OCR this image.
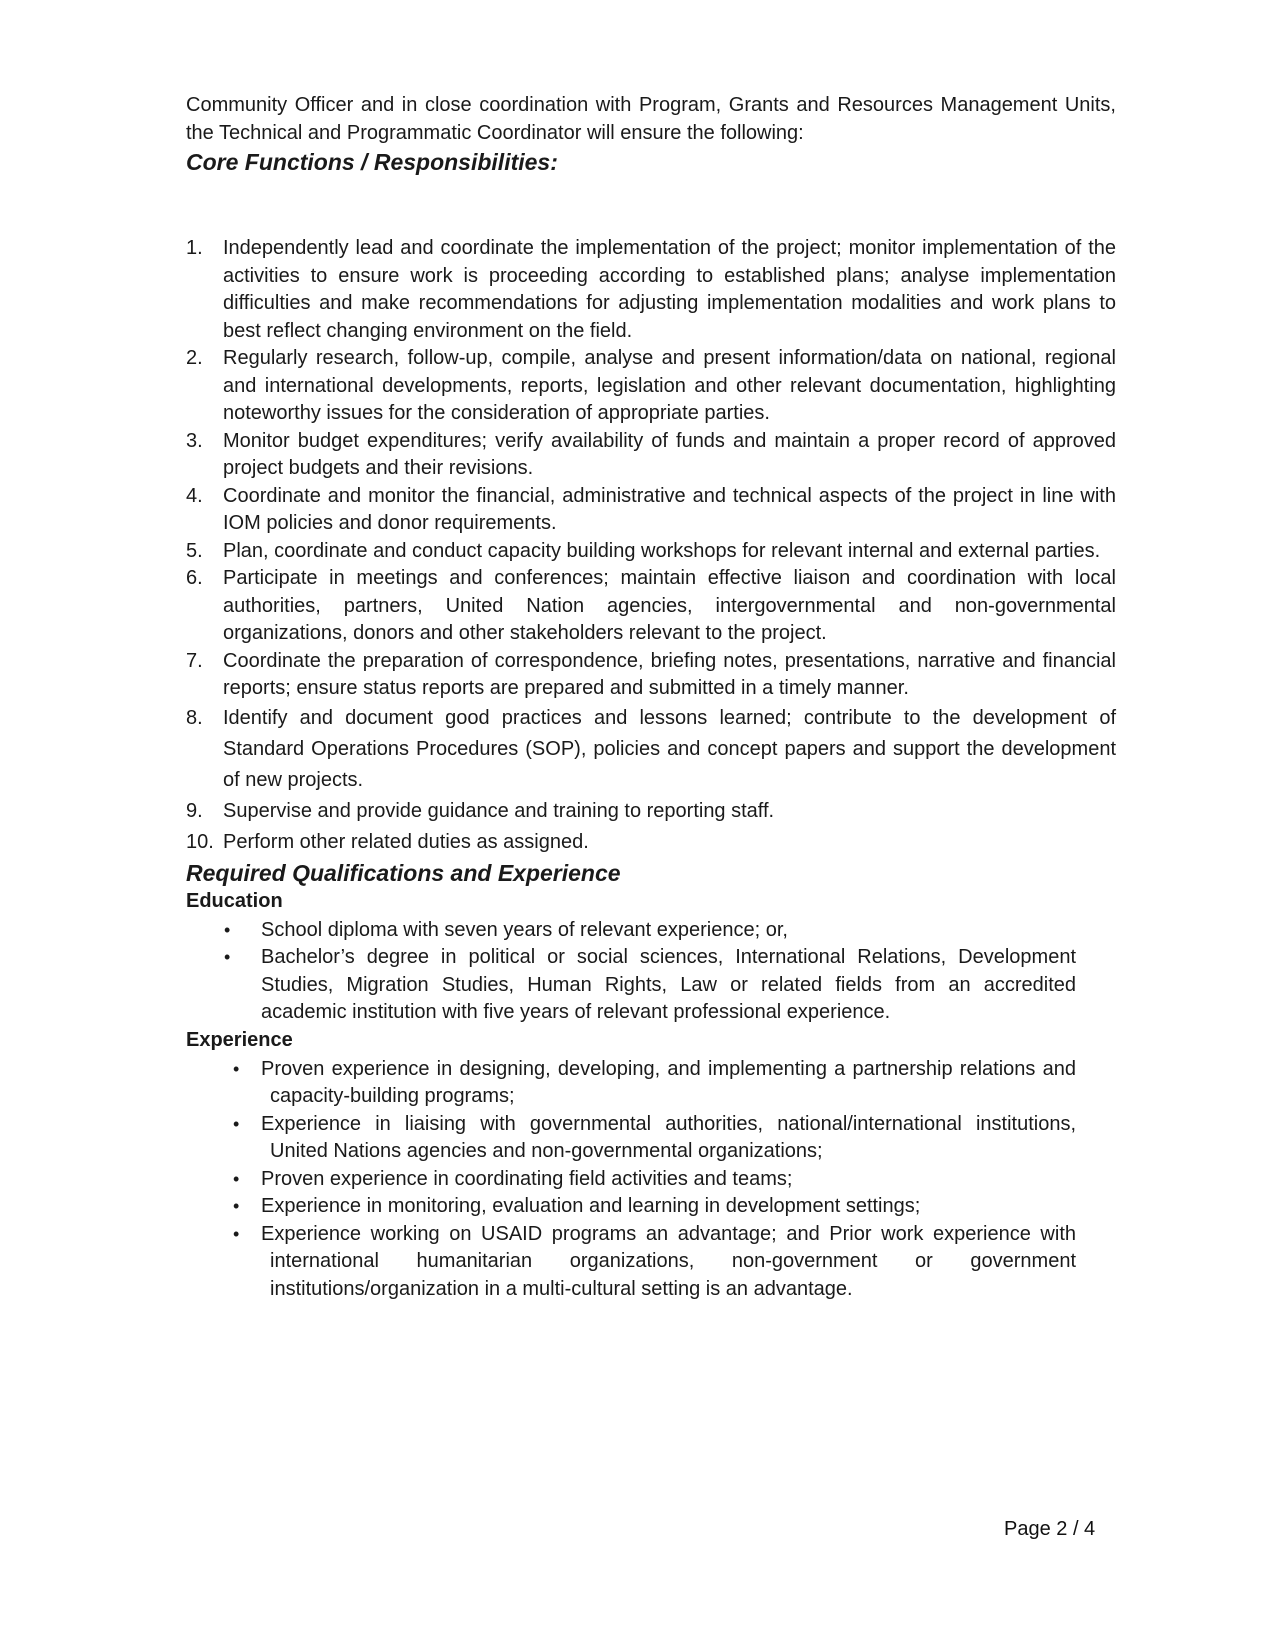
Community Officer and in close coordination with Program, Grants and Resources Management Units, the Technical and Programmatic Coordinator will ensure the following:

Core Functions / Responsibilities:
1. Independently lead and coordinate the implementation of the project; monitor implementation of the activities to ensure work is proceeding according to established plans; analyse implementation difficulties and make recommendations for adjusting implementation modalities and work plans to best reflect changing environment on the field.
2. Regularly research, follow-up, compile, analyse and present information/data on national, regional and international developments, reports, legislation and other relevant documentation, highlighting noteworthy issues for the consideration of appropriate parties.
3. Monitor budget expenditures; verify availability of funds and maintain a proper record of approved project budgets and their revisions.
4. Coordinate and monitor the financial, administrative and technical aspects of the project in line with IOM policies and donor requirements.
5. Plan, coordinate and conduct capacity building workshops for relevant internal and external parties.
6. Participate in meetings and conferences; maintain effective liaison and coordination with local authorities, partners, United Nation agencies, intergovernmental and non-governmental organizations, donors and other stakeholders relevant to the project.
7. Coordinate the preparation of correspondence, briefing notes, presentations, narrative and financial reports; ensure status reports are prepared and submitted in a timely manner.
8. Identify and document good practices and lessons learned; contribute to the development of Standard Operations Procedures (SOP), policies and concept papers and support the development of new projects.
9. Supervise and provide guidance and training to reporting staff.
10. Perform other related duties as assigned.
Required Qualifications and Experience
Education
• School diploma with seven years of relevant experience; or,
• Bachelor’s degree in political or social sciences, International Relations, Development Studies, Migration Studies, Human Rights, Law or related fields from an accredited academic institution with five years of relevant professional experience.
Experience
• Proven experience in designing, developing, and implementing a partnership relations and capacity-building programs;
• Experience in liaising with governmental authorities, national/international institutions, United Nations agencies and non-governmental organizations;
• Proven experience in coordinating field activities and teams;
• Experience in monitoring, evaluation and learning in development settings;
• Experience working on USAID programs an advantage; and Prior work experience with international humanitarian organizations, non-government or government institutions/organization in a multi-cultural setting is an advantage.
Page 2 / 4
